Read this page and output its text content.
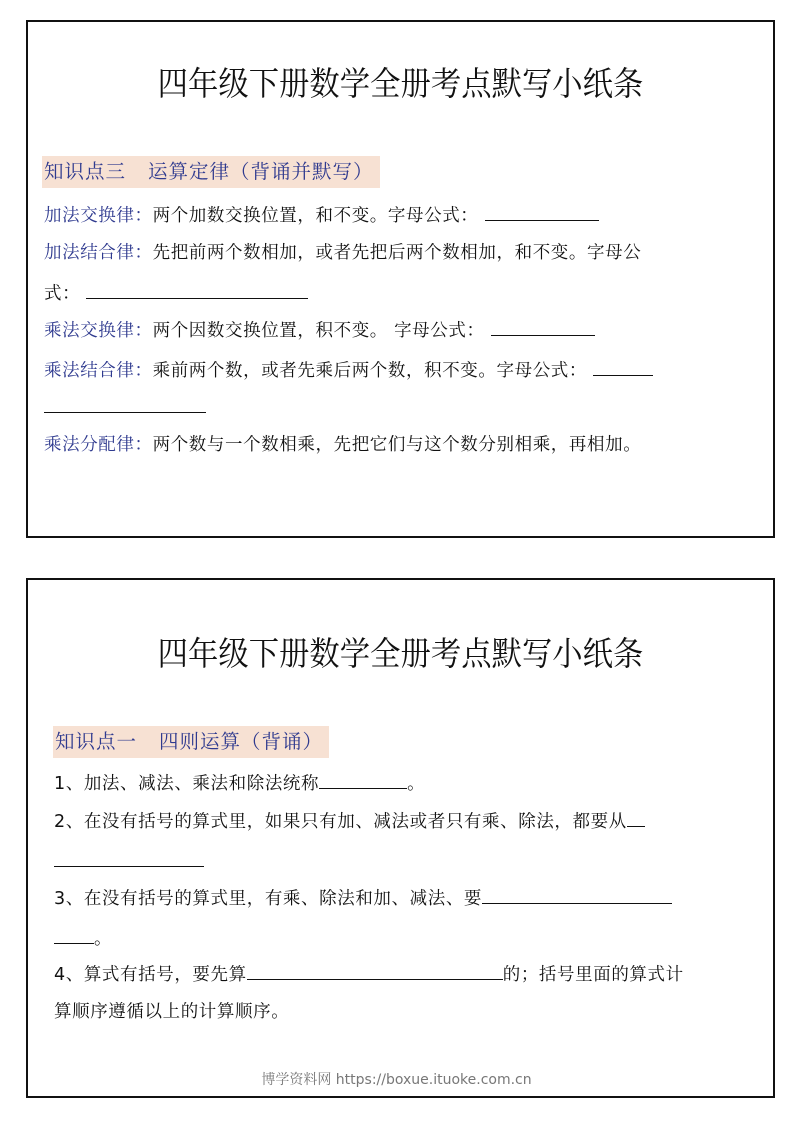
四年级下册数学全册考点默写小纸条
知识点三 运算定律（背诵并默写）
加法交换律：两个加数交换位置，和不变。字母公式：
加法结合律：先把前两个数相加，或者先把后两个数相加，和不变。字母公
式：
乘法交换律：两个因数交换位置，积不变。 字母公式：
乘法结合律：乘前两个数，或者先乘后两个数，积不变。字母公式：
乘法分配律：两个数与一个数相乘，先把它们与这个数分别相乘，再相加。
四年级下册数学全册考点默写小纸条
知识点一 四则运算（背诵）
1、加法、减法、乘法和除法统称	。
2、在没有括号的算式里，如果只有加、减法或者只有乘、除法，都要从
3、在没有括号的算式里，有乘、除法和加、减法、要
。
4、算式有括号，要先算	的；括号里面的算式计
算顺序遵循以上的计算顺序。
博学资料网 https://boxue.ituoke.com.cn
